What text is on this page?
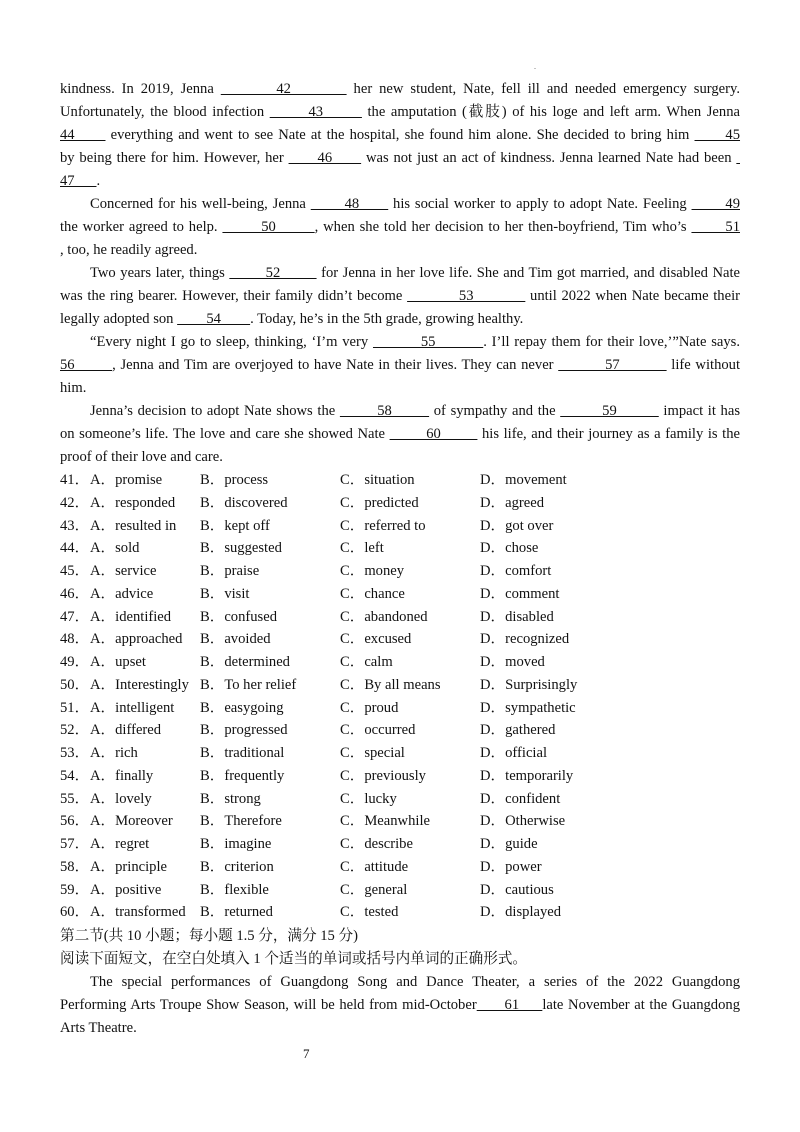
.
kindness. In 2019, Jenna         42         her new student, Nate, fell ill and needed emergency surgery.
Unfortunately, the blood infection        43        the amputation (截肢) of his loge and left arm. When Jenna
44       everything and went to see Nate at the hospital, she found him alone. She decided to bring him       45
by being there for him. However, her       46       was not just an act of kindness. Jenna learned Nate had been
47      .
Concerned for his well-being, Jenna        48       his social worker to apply to adopt Nate. Feeling        49
the worker agreed to help.         50        , when she told her decision to her then-boyfriend, Tim who’s        51
, too, he readily agreed.
Two years later, things         52         for Jenna in her love life. She and Tim got married, and disabled Nate
was the ring bearer. However, their family didn’t become            53            until 2022 when Nate became their
legally adopted son         54        . Today, he’s in the 5th grade, growing healthy.
“Every night I go to sleep, thinking, ‘I’m very           55          . I’ll repay them for their love,’”Nate says.
56        , Jenna and Tim are overjoyed to have Nate in their lives. They can never           57           life without
him.
Jenna’s decision to adopt Nate shows the         58         of sympathy and the          59          impact it has
on someone’s life. The love and care she showed Nate         60         his life, and their journey as a family is the
proof of their love and care.
41． A．promise	B．process	C．situation	D．movement
42． A．responded B．discovered	C．predicted	D．agreed
43． A．resulted in B．kept off	C．referred to	D．got over
44． A．sold	B．suggested	C．left	D．chose
45． A．service	B．praise	C．money	D．comfort
46． A．advice	B．visit	C．chance	D．comment
47． A．identified B．confused	C．abandoned	D．disabled
48． A．approached B．avoided	C．excused	D．recognized
49． A．upset	B．determined	C．calm	D．moved
50． A．Interestingly B．To her relief	C．By all means	D．Surprisingly
51． A．intelligent B．easygoing	C．proud	D．sympathetic
52． A．differed	B．progressed	C．occurred	D．gathered
53． A．rich	B．traditional	C．special	D．official
54． A．finally	B．frequently	C．previously	D．temporarily
55． A．lovely	B．strong	C．lucky	D．confident
56． A．Moreover B．Therefore	C．Meanwhile	D．Otherwise
57． A．regret	B．imagine	C．describe	D．guide
58． A．principle B．criterion	C．attitude	D．power
59． A．positive	B．flexible	C．general	D．cautious
60． A．transformed B．returned	C．tested	D．displayed
第二节(共 10 小题；每小题 1.5 分，满分 15 分)
阅读下面短文，在空白处填入 1 个适当的单词或括号内单词的正确形式。
The special performances of Guangdong Song and Dance Theater, a series of the 2022 Guangdong
Performing Arts Troupe Show Season, will be held from mid-October      61     late November at the Guangdong
Arts Theatre.
7
